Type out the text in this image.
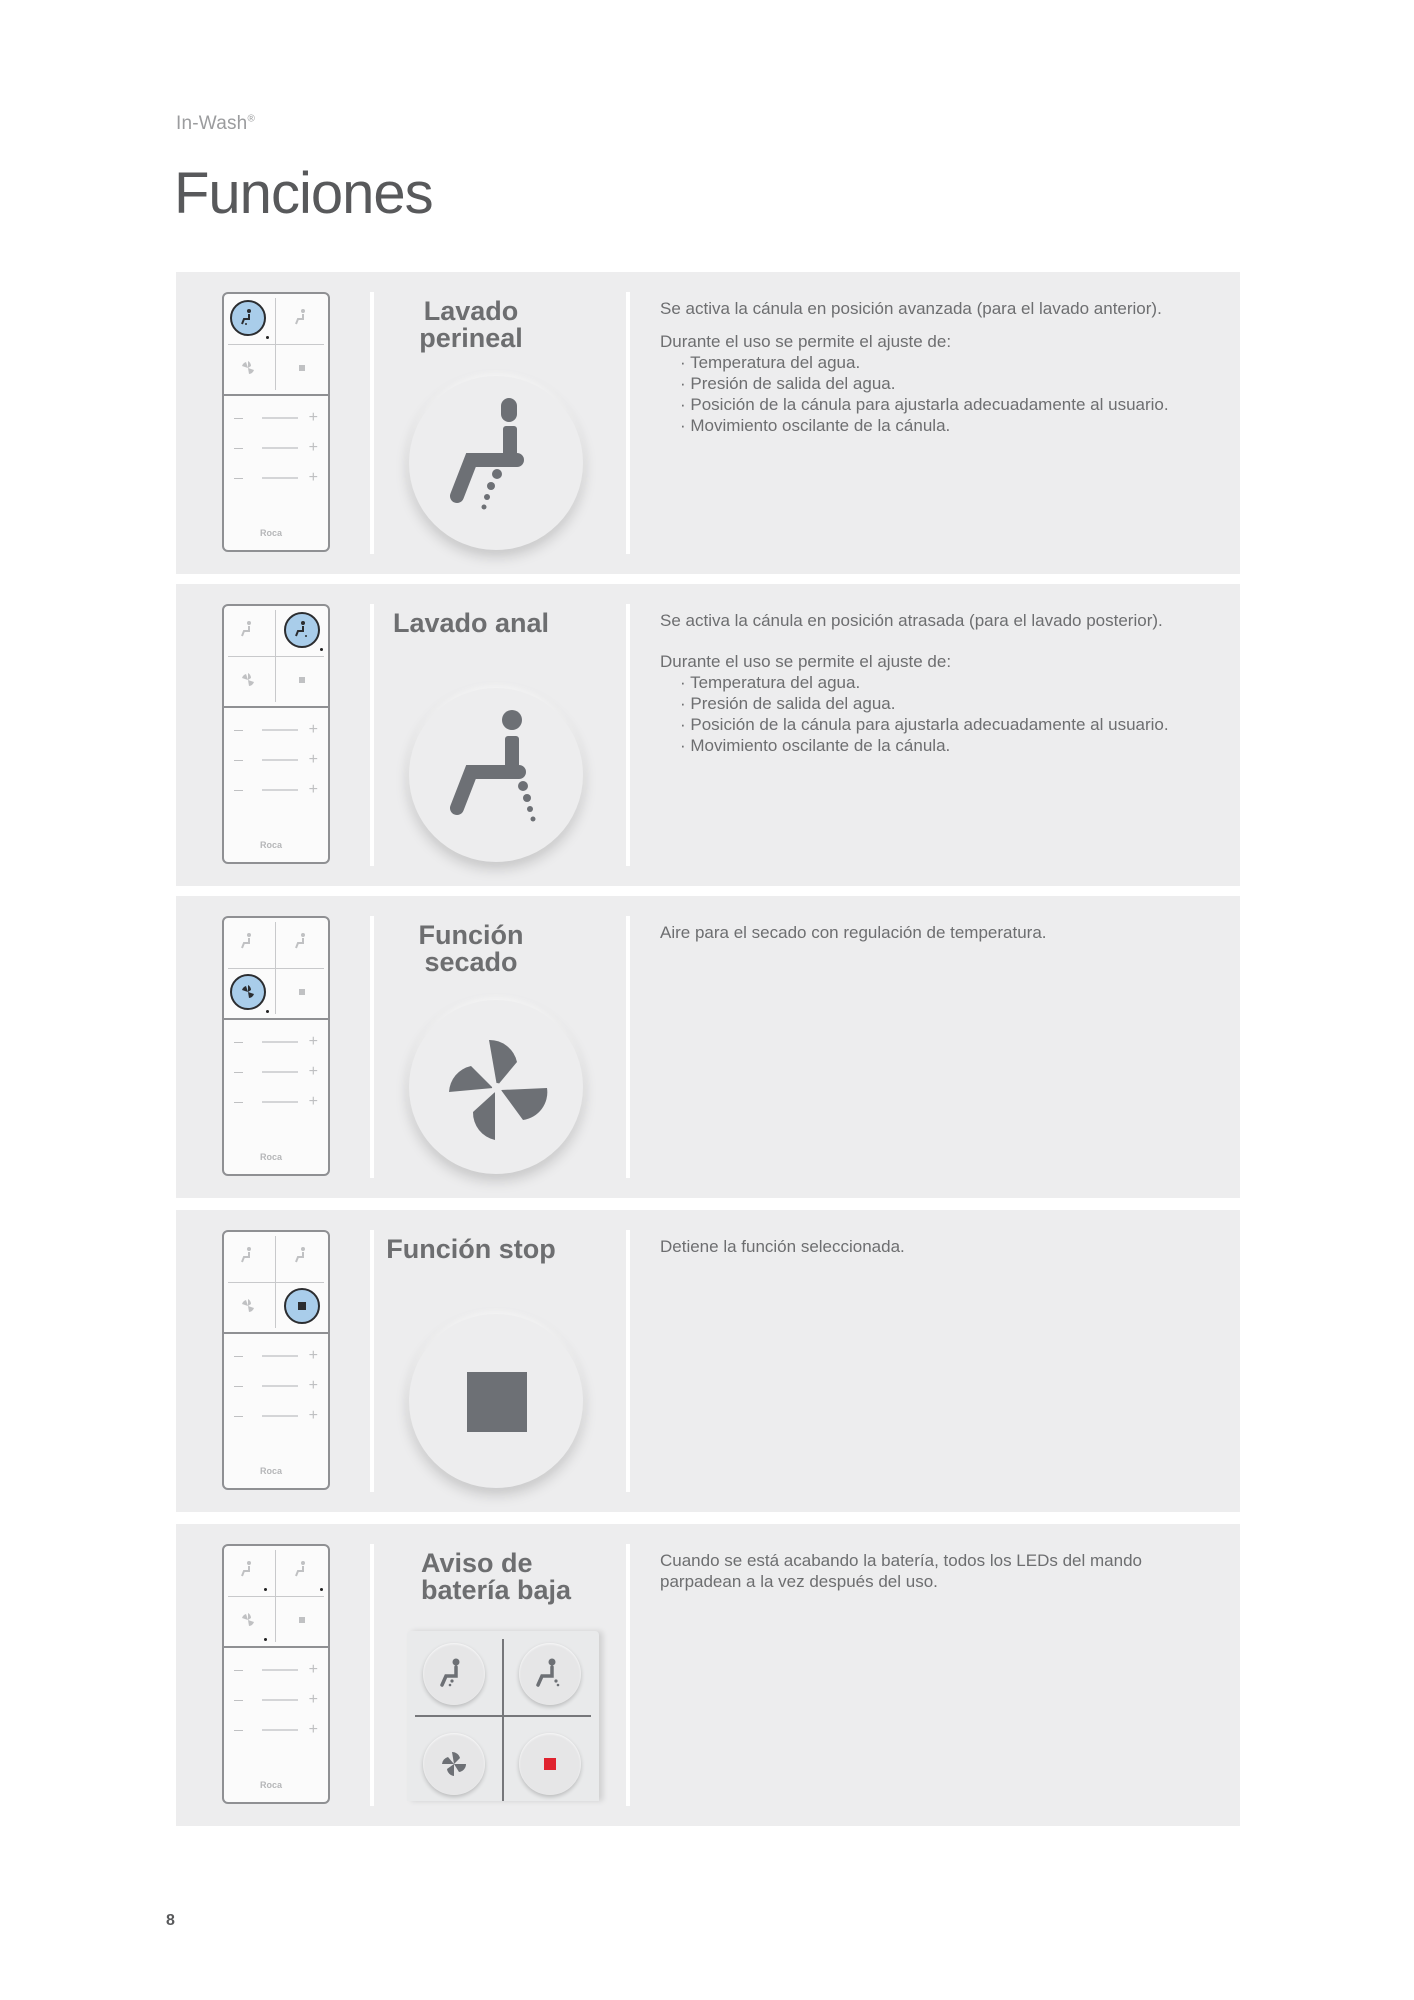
In-Wash®
Funciones
+
+
+
Roca
Lavado perineal

Se activa la cánula en posición avanzada (para el lavado anterior).

Durante el uso se permite el ajuste de:

· Temperatura del agua.
· Presión de salida del agua.
· Posición de la cánula para ajustarla adecuadamente al usuario.
· Movimiento oscilante de la cánula.
+
+
+
Roca
Lavado anal	Se activa la cánula en posición atrasada (para el lavado posterior).

Durante el uso se permite el ajuste de:

· Temperatura del agua.
· Presión de salida del agua.
· Posición de la cánula para ajustarla adecuadamente al usuario.
· Movimiento oscilante de la cánula.
+
+
+
Roca
Función secado

Aire para el secado con regulación de temperatura.

+
+
+
Roca
Función stop	Detiene la función seleccionada.

+
+
+
Roca
Aviso de batería baja

Cuando se está acabando la batería, todos los LEDs del mando parpadean a la vez después del uso.

8
